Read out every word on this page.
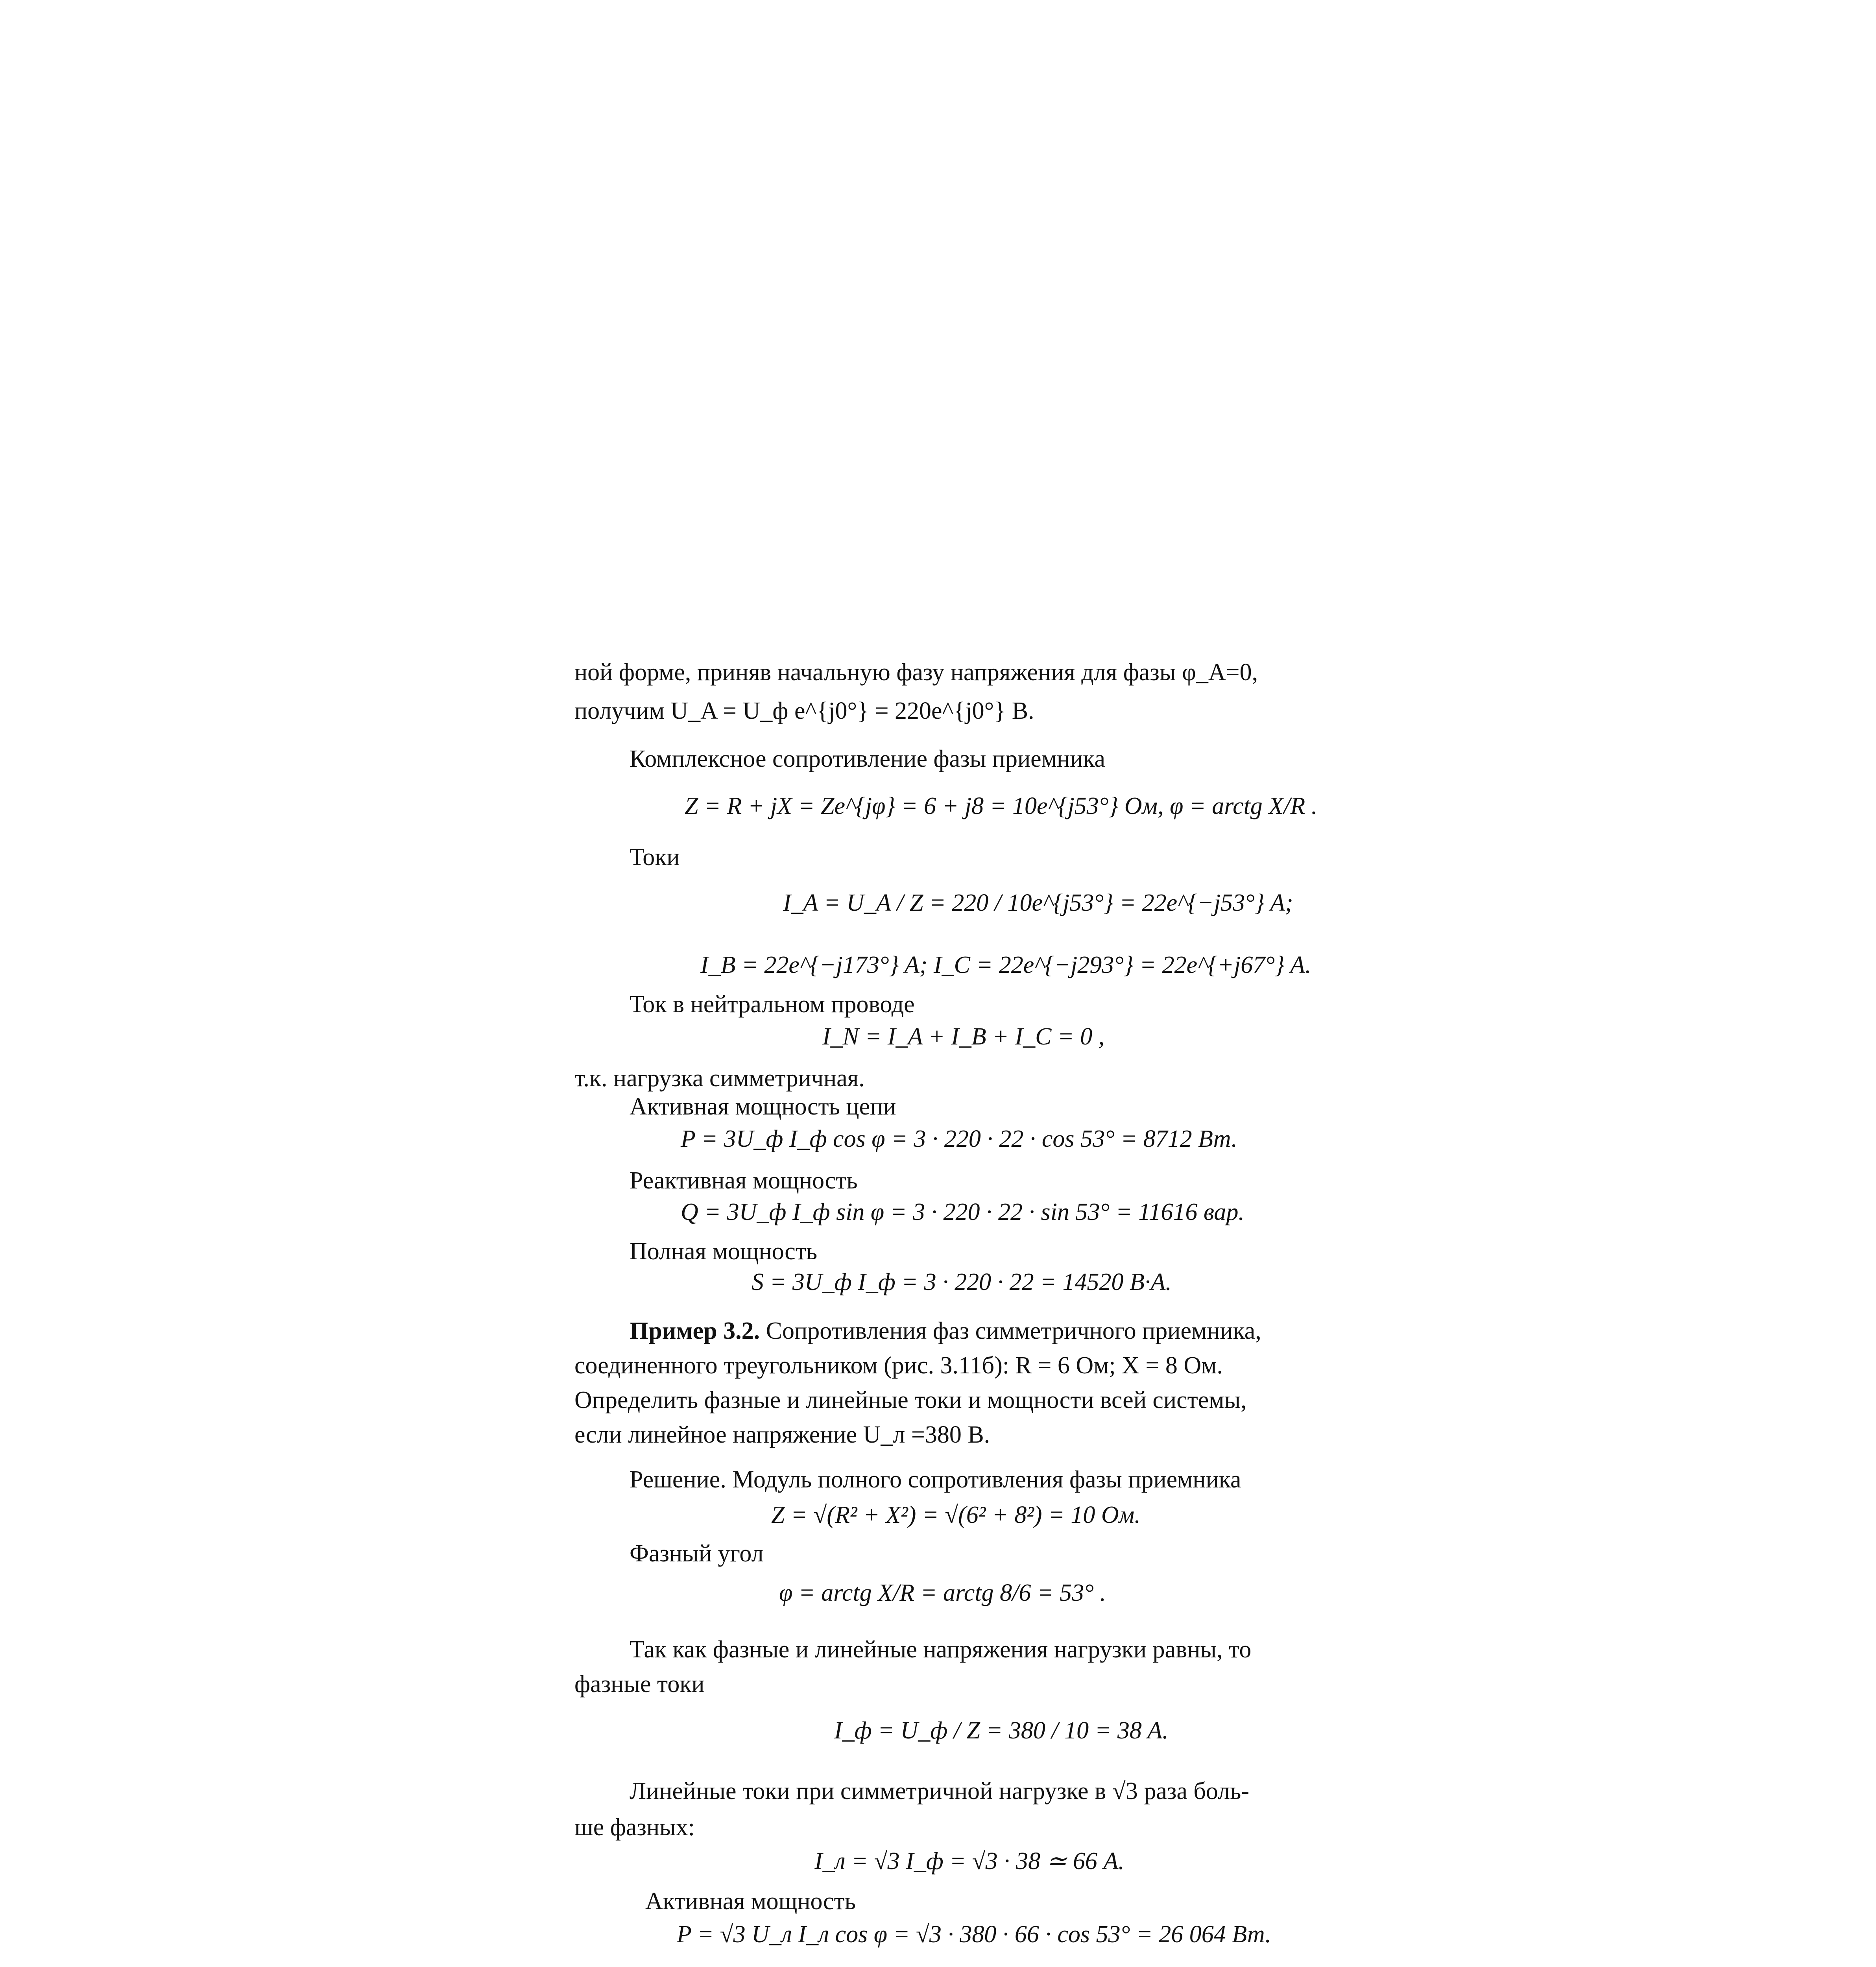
ной форме, приняв начальную фазу напряжения для фазы φ_A=0,
получим U_A = U_ф e^{j0°} = 220e^{j0°} В.
Комплексное сопротивление фазы приемника
Z = R + jX = Ze^{jφ} = 6 + j8 = 10e^{j53°} Ом, φ = arctg X/R .
Токи
I_A = U_A / Z = 220 / 10e^{j53°} = 22e^{−j53°} A;
I_B = 22e^{−j173°} A; I_C = 22e^{−j293°} = 22e^{+j67°} A.
Ток в нейтральном проводе
I_N = I_A + I_B + I_C = 0 ,
т.к. нагрузка симметричная.
Активная мощность цепи
P = 3U_ф I_ф cos φ = 3 · 220 · 22 · cos 53° = 8712 Вт.
Реактивная мощность
Q = 3U_ф I_ф sin φ = 3 · 220 · 22 · sin 53° = 11616 вар.
Полная мощность
S = 3U_ф I_ф = 3 · 220 · 22 = 14520 В·А.
Пример 3.2. Сопротивления фаз симметричного приемника,
соединенного треугольником (рис. 3.11б): R = 6 Ом; X = 8 Ом.
Определить фазные и линейные токи и мощности всей системы,
если линейное напряжение U_л =380 В.
Решение. Модуль полного сопротивления фазы приемника
Z = √(R² + X²) = √(6² + 8²) = 10 Ом.
Фазный угол
φ = arctg X/R = arctg 8/6 = 53° .
Так как фазные и линейные напряжения нагрузки равны, то
фазные токи
I_ф = U_ф / Z = 380 / 10 = 38 A.
Линейные токи при симметричной нагрузке в √3 раза боль-
ше фазных:
I_л = √3 I_ф = √3 · 38 ≃ 66 A.
Активная мощность
P = √3 U_л I_л cos φ = √3 · 380 · 66 · cos 53° = 26 064 Вт.
